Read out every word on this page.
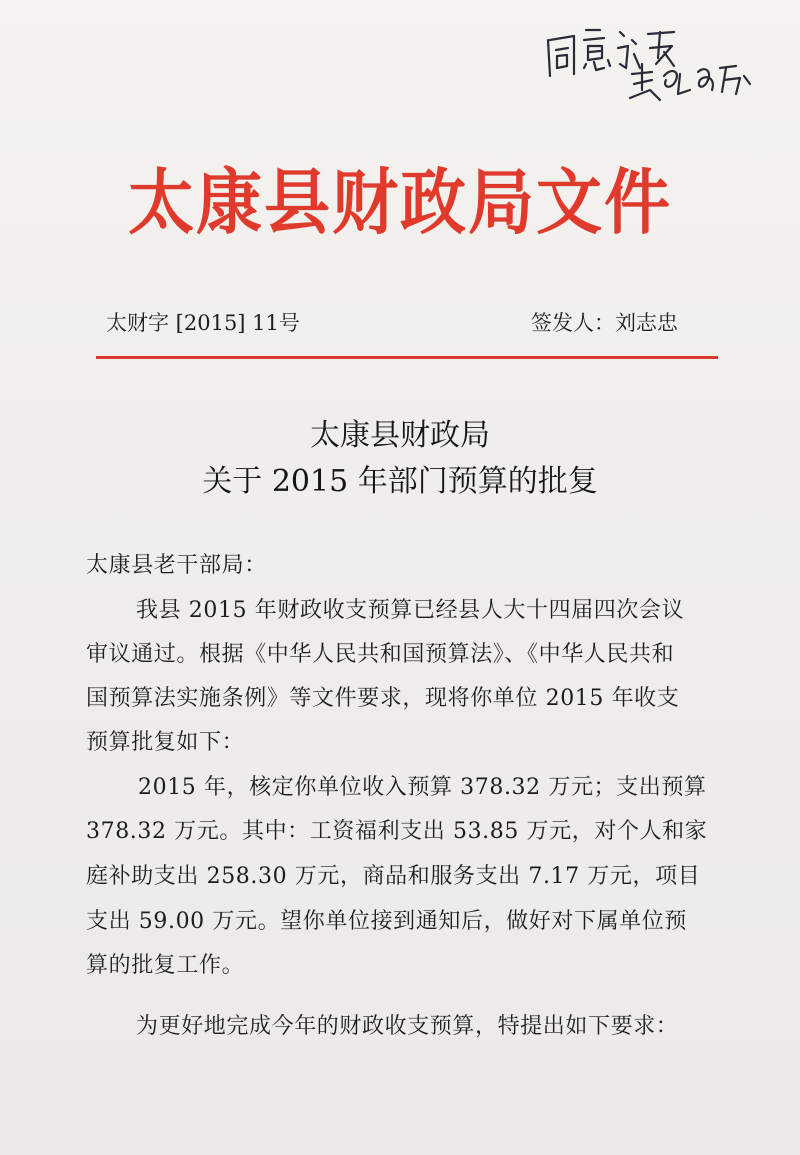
太康县财政局文件
太财字 [2015] 11号	签发人：刘志忠
太康县财政局
关于 2015 年部门预算的批复
太康县老干部局：
我县 2015 年财政收支预算已经县人大十四届四次会议
审议通过。根据《中华人民共和国预算法》、《中华人民共和
国预算法实施条例》等文件要求，现将你单位 2015 年收支
预算批复如下：
2015 年，核定你单位收入预算 378.32 万元；支出预算
378.32 万元。其中：工资福利支出 53.85 万元，对个人和家
庭补助支出 258.30 万元，商品和服务支出 7.17 万元，项目
支出 59.00 万元。望你单位接到通知后，做好对下属单位预
算的批复工作。
为更好地完成今年的财政收支预算，特提出如下要求：
